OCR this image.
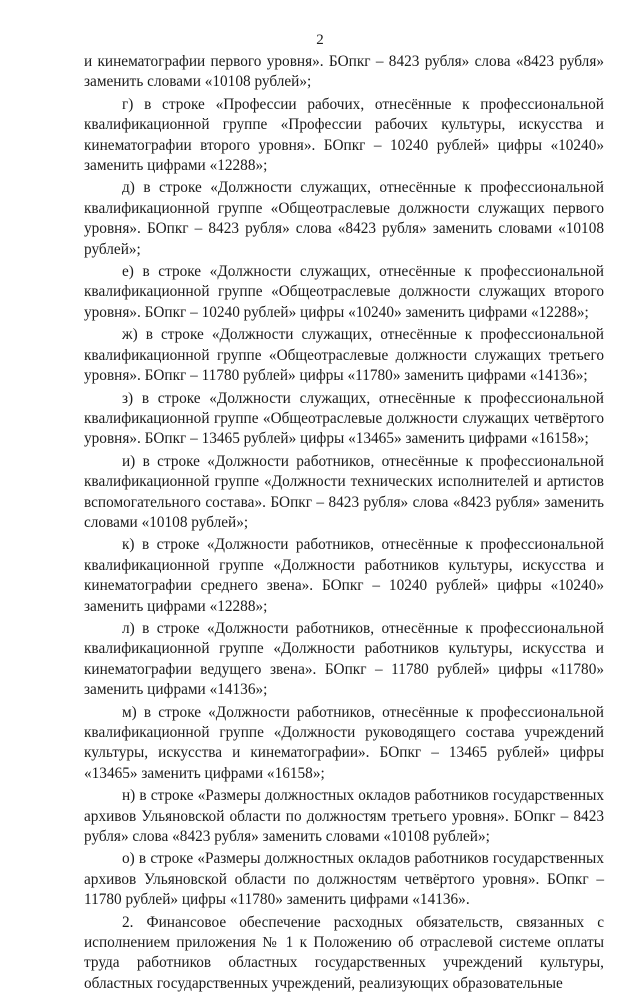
2

и кинематографии первого уровня». БОпкг – 8423 рубля» слова «8423 рубля» заменить словами «10108 рублей»;

г) в строке «Профессии рабочих, отнесённые к профессиональной квалификационной группе «Профессии рабочих культуры, искусства и кинематографии второго уровня». БОпкг – 10240 рублей» цифры «10240» заменить цифрами «12288»;

д) в строке «Должности служащих, отнесённые к профессиональной квалификационной группе «Общеотраслевые должности служащих первого уровня». БОпкг – 8423 рубля» слова «8423 рубля» заменить словами «10108 рублей»;

е) в строке «Должности служащих, отнесённые к профессиональной квалификационной группе «Общеотраслевые должности служащих второго уровня». БОпкг – 10240 рублей» цифры «10240» заменить цифрами «12288»;

ж) в строке «Должности служащих, отнесённые к профессиональной квалификационной группе «Общеотраслевые должности служащих третьего уровня». БОпкг – 11780 рублей» цифры «11780» заменить цифрами «14136»;

з) в строке «Должности служащих, отнесённые к профессиональной квалификационной группе «Общеотраслевые должности служащих четвёртого уровня». БОпкг – 13465 рублей» цифры «13465» заменить цифрами «16158»;

и) в строке «Должности работников, отнесённые к профессиональной квалификационной группе «Должности технических исполнителей и артистов вспомогательного состава». БОпкг – 8423 рубля» слова «8423 рубля» заменить словами «10108 рублей»;

к) в строке «Должности работников, отнесённые к профессиональной квалификационной группе «Должности работников культуры, искусства и кинематографии среднего звена». БОпкг – 10240 рублей» цифры «10240» заменить цифрами «12288»;

л) в строке «Должности работников, отнесённые к профессиональной квалификационной группе «Должности работников культуры, искусства и кинематографии ведущего звена». БОпкг – 11780 рублей» цифры «11780» заменить цифрами «14136»;

м) в строке «Должности работников, отнесённые к профессиональной квалификационной группе «Должности руководящего состава учреждений культуры, искусства и кинематографии». БОпкг – 13465 рублей» цифры «13465» заменить цифрами «16158»;

н) в строке «Размеры должностных окладов работников государственных архивов Ульяновской области по должностям третьего уровня». БОпкг – 8423 рубля» слова «8423 рубля» заменить словами «10108 рублей»;

о) в строке «Размеры должностных окладов работников государственных архивов Ульяновской области по должностям четвёртого уровня». БОпкг – 11780 рублей» цифры «11780» заменить цифрами «14136».

2. Финансовое обеспечение расходных обязательств, связанных с исполнением приложения № 1 к Положению об отраслевой системе оплаты труда работников областных государственных учреждений культуры, областных государственных учреждений, реализующих образовательные
